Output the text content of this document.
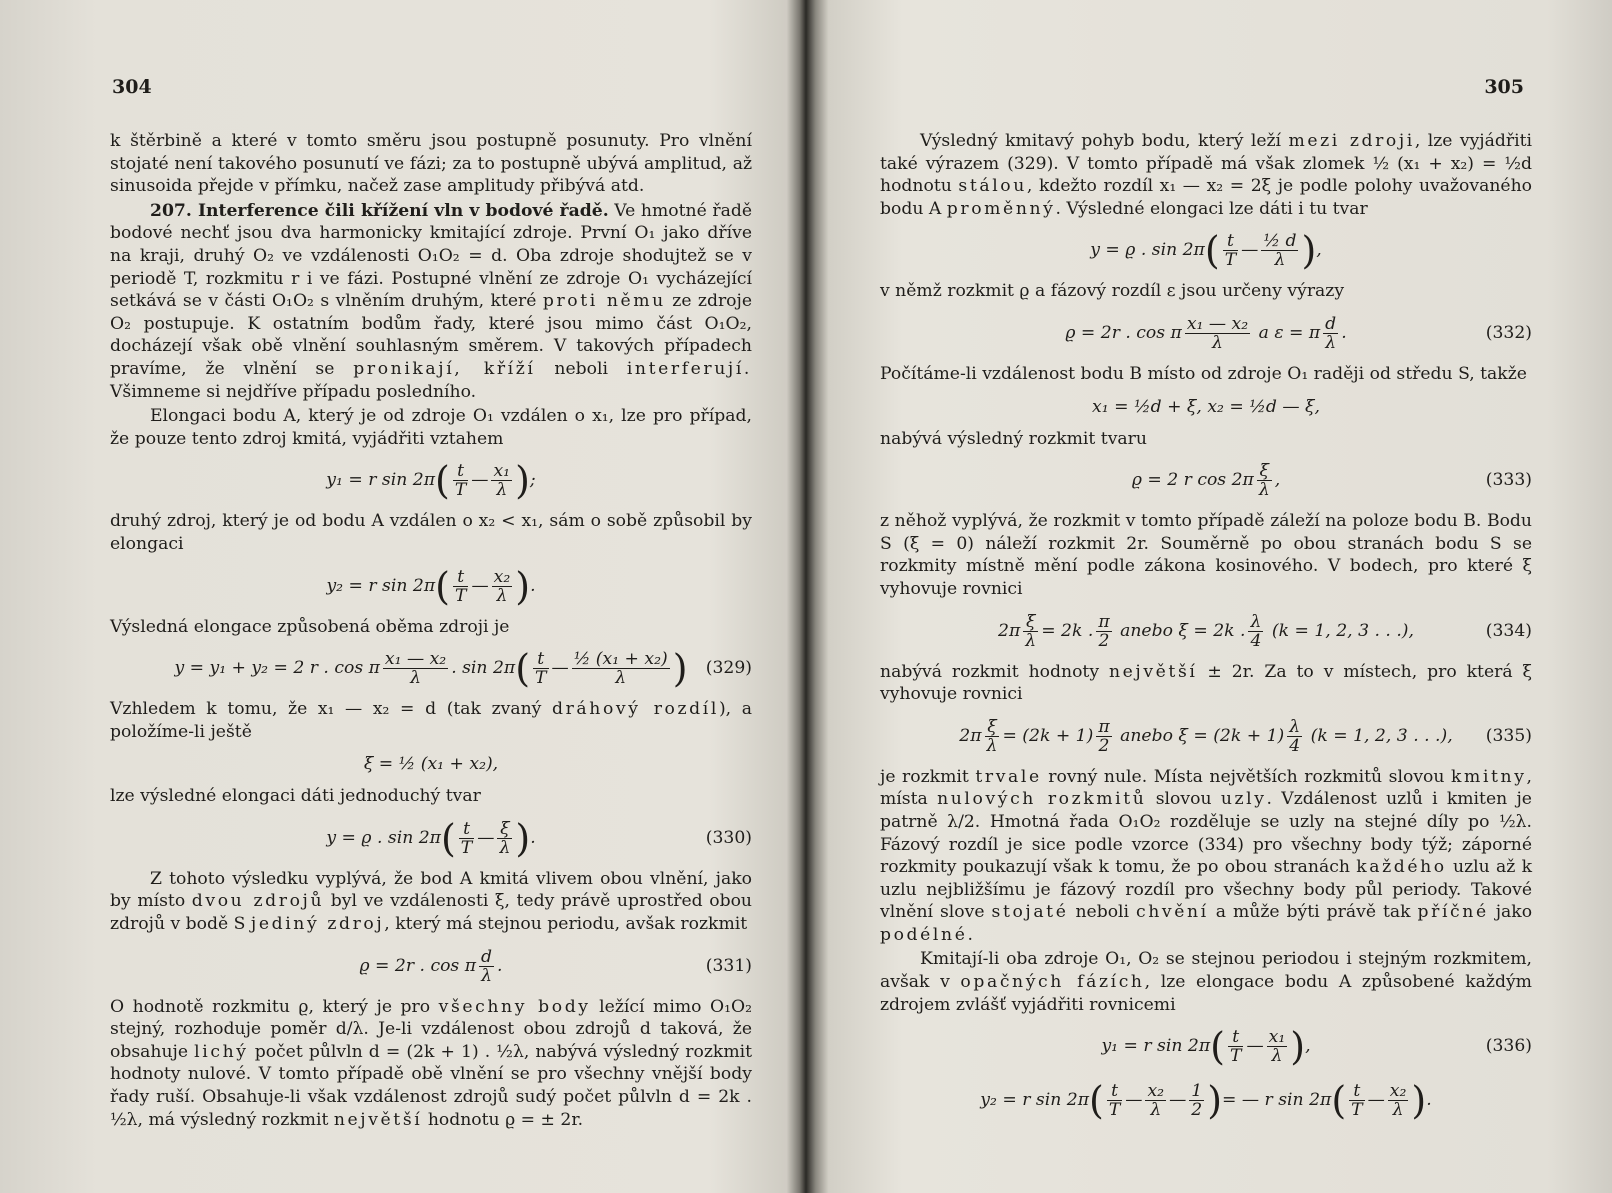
304

k štěrbině a které v tomto směru jsou postupně posunuty. Pro vlnění stojaté není takového posunutí ve fázi; za to postupně ubývá amplitud, až sinusoida přejde v přímku, načež zase amplitudy přibývá atd.

207. Interference čili křížení vln v bodové řadě. Ve hmotné řadě bodové nechť jsou dva harmonicky kmitající zdroje. První O₁ jako dříve na kraji, druhý O₂ ve vzdálenosti O₁O₂ = d. Oba zdroje shodujtež se v periodě T, rozkmitu r i ve fázi. Postupné vlnění ze zdroje O₁ vycházející setkává se v části O₁O₂ s vlněním druhým, které proti němu ze zdroje O₂ postupuje. K ostatním bodům řady, které jsou mimo část O₁O₂, docházejí však obě vlnění souhlasným směrem. V takových případech pravíme, že vlnění se pronikají, kříží neboli interferují. Všimneme si nejdříve případu posledního.

Elongaci bodu A, který je od zdroje O₁ vzdálen o x₁, lze pro případ, že pouze tento zdroj kmitá, vyjádřiti vztahem

y₁ = r $\sin 2\pi( \frac{t}{T}$ — $\frac{\text{x₁}}{\lambda}$ );

druhý zdroj, který je od bodu A vzdálen o x₂ < x₁, sám o sobě způsobil by elongaci

y₂ = r $\sin 2\pi( \frac{t}{T}$ — $\frac{\text{x₂}}{\lambda}$ ).

Výsledná elongace způsobená oběma zdroji je

y = y₁ + y₂ = 2 r . cos π $\frac{\text{x₁ — x₂}}{\lambda}$ . $\sin 2\pi( \frac{t}{T}$ — $\frac{\text{½ (x₁ + x₂)}}{\lambda}$ ) (329)

Vzhledem k tomu, že x₁ — x₂ = d (tak zvaný dráhový rozdíl), a položíme-li ještě

ξ = ½ (x₁ + x₂),

lze výsledné elongaci dáti jednoduchý tvar

y = ϱ . $\sin 2\pi( \frac{t}{T}$ — $\frac{\xi}{\lambda}$ ).	(330)

Z tohoto výsledku vyplývá, že bod A kmitá vlivem obou vlnění, jako by místo dvou zdrojů byl ve vzdálenosti ξ, tedy právě uprostřed obou zdrojů v bodě S jediný zdroj, který má stejnou periodu, avšak rozkmit

ϱ = 2r . cos π $\frac{d}{\lambda}$ .	(331)

O hodnotě rozkmitu ϱ, který je pro všechny body ležící mimo O₁O₂ stejný, rozhoduje poměr d/λ. Je-li vzdálenost obou zdrojů d taková, že obsahuje lichý počet půlvln d = (2k + 1) . ½λ, nabývá výsledný rozkmit hodnoty nulové. V tomto případě obě vlnění se pro všechny vnější body řady ruší. Obsahuje-li však vzdálenost zdrojů sudý počet půlvln d = 2k . ½λ, má výsledný rozkmit největší hodnotu ϱ = ± 2r.

305

Výsledný kmitavý pohyb bodu, který leží mezi zdroji, lze vyjádřiti také výrazem (329). V tomto případě má však zlomek ½ (x₁ + x₂) = ½d hodnotu stálou, kdežto rozdíl x₁ — x₂ = 2ξ je podle polohy uvažovaného bodu A proměnný. Výsledné elongaci lze dáti i tu tvar

y = ϱ . $\sin 2\pi( \frac{t}{T}$ — $\frac{\text{½ d}}{\lambda}$ ),

v němž rozkmit ϱ a fázový rozdíl ε jsou určeny výrazy

ϱ = 2r . cos π $\frac{\text{x₁ — x₂}}{\lambda}$ a ε = π $\frac{d}{\lambda}$ .	(332)

Počítáme-li vzdálenost bodu B místo od zdroje O₁ raději od středu S, takže

x₁ = ½d + ξ, x₂ = ½d — ξ,

nabývá výsledný rozkmit tvaru

ϱ = 2 r $\cos 2\pi \frac{\xi}{\lambda}$ ,	(333)

z něhož vyplývá, že rozkmit v tomto případě záleží na poloze bodu B. Bodu S (ξ = 0) náleží rozkmit 2r. Souměrně po obou stranách bodu S se rozkmity místně mění podle zákona kosinového. V bodech, pro které ξ vyhovuje rovnici

$2\pi \frac{\xi}{\lambda} = 2k$ . $\frac{\pi}{2}$ anebo ξ = 2k . $\frac{\lambda}{4} (k = 1$, 2, 3 . . .),	(334)

nabývá rozkmit hodnoty největší ± 2r. Za to v místech, pro která ξ vyhovuje rovnici

$2\pi \frac{\xi}{\lambda} = (2k + 1) \frac{\pi}{2}$ anebo $\xi = (2k + 1) \frac{\lambda}{4} (k = 1$, 2, 3 . . .), (335)

je rozkmit trvale rovný nule. Místa největších rozkmitů slovou kmitny, místa nulových rozkmitů slovou uzly. Vzdálenost uzlů i kmiten je patrně λ/2. Hmotná řada O₁O₂ rozděluje se uzly na stejné díly po ½λ. Fázový rozdíl je sice podle vzorce (334) pro všechny body týž; záporné rozkmity poukazují však k tomu, že po obou stranách každého uzlu až k uzlu nejbližšímu je fázový rozdíl pro všechny body půl periody. Takové vlnění slove stojaté neboli chvění a může býti právě tak příčné jako podélné.

Kmitají-li oba zdroje O₁, O₂ se stejnou periodou i stejným rozkmitem, avšak v opačných fázích, lze elongace bodu A způsobené každým zdrojem zvlášť vyjádřiti rovnicemi

y₁ = r $\sin 2\pi( \frac{t}{T}$ — $\frac{\text{x₁}}{\lambda}$ ),	(336)
y₂ = r $\sin 2\pi( \frac{t}{T}$ — $\frac{\text{x₂}}{\lambda}$ — $\frac{1}{2}$ )= — r $\sin 2\pi( \frac{t}{T}$ — $\frac{\text{x₂}}{\lambda}$ ).
